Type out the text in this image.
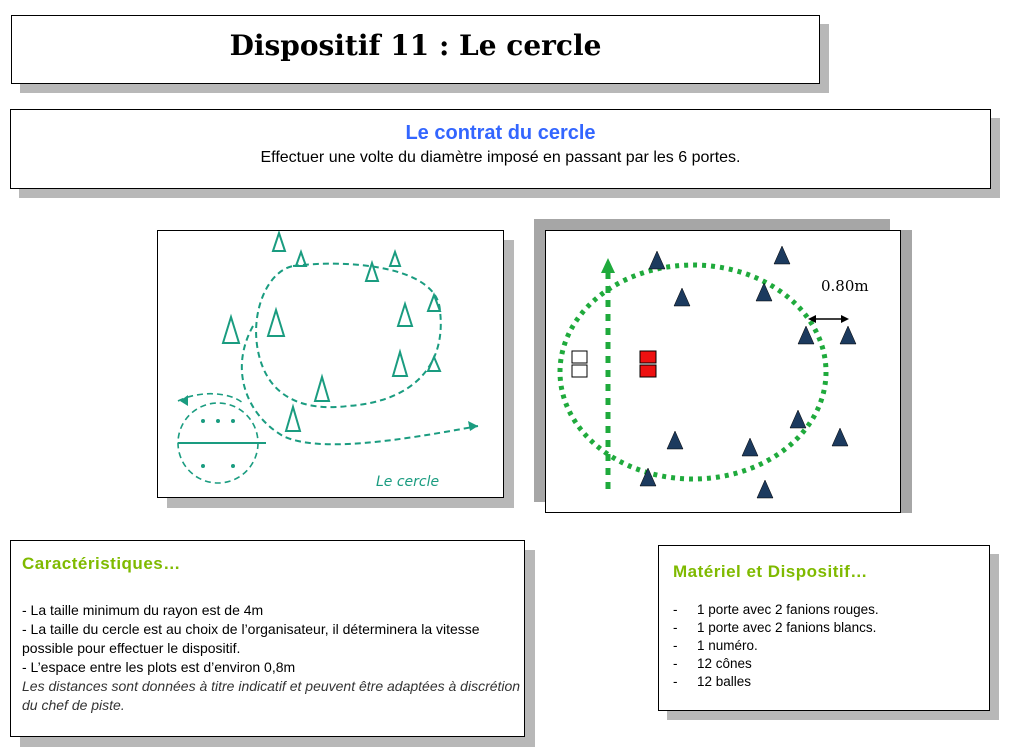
Dispositif 11 : Le cercle
Le contrat du cercle
Effectuer une volte du diamètre imposé en passant par les 6 portes.
Le cercle
0.80m
Caractéristiques…
- La taille minimum du rayon est de 4m
- La taille du cercle est au choix de l’organisateur, il déterminera la vitesse possible pour effectuer le dispositif.
- L’espace entre les plots est d’environ 0,8m
Les distances sont données à titre indicatif et peuvent être adaptées à discrétion du chef de piste.
Matériel et Dispositif…
- 1 porte avec 2 fanions rouges.
- 1 porte avec 2 fanions blancs.
- 1 numéro.
- 12 cônes
- 12 balles
